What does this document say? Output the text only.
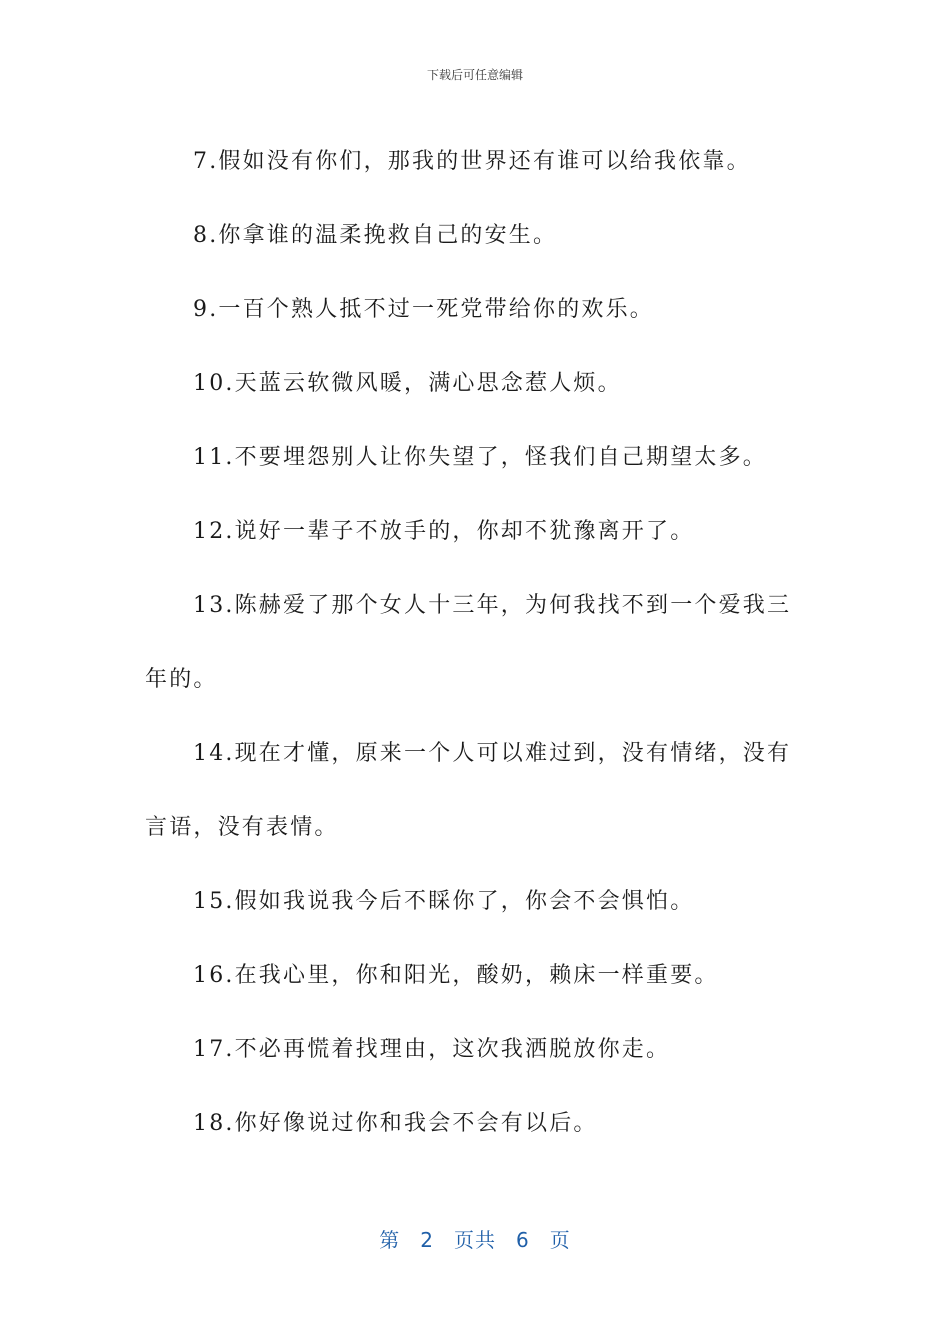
下载后可任意编辑

7.假如没有你们，那我的世界还有谁可以给我依靠。

8.你拿谁的温柔挽救自己的安生。

9.一百个熟人抵不过一死党带给你的欢乐。

10.天蓝云软微风暖，满心思念惹人烦。

11.不要埋怨别人让你失望了，怪我们自己期望太多。

12.说好一辈子不放手的，你却不犹豫离开了。

13.陈赫爱了那个女人十三年，为何我找不到一个爱我三年的。

14.现在才懂，原来一个人可以难过到，没有情绪，没有言语，没有表情。

15.假如我说我今后不睬你了，你会不会惧怕。

16.在我心里，你和阳光，酸奶，赖床一样重要。

17.不必再慌着找理由，这次我洒脱放你走。

18.你好像说过你和我会不会有以后。

第 2 页共 6 页
